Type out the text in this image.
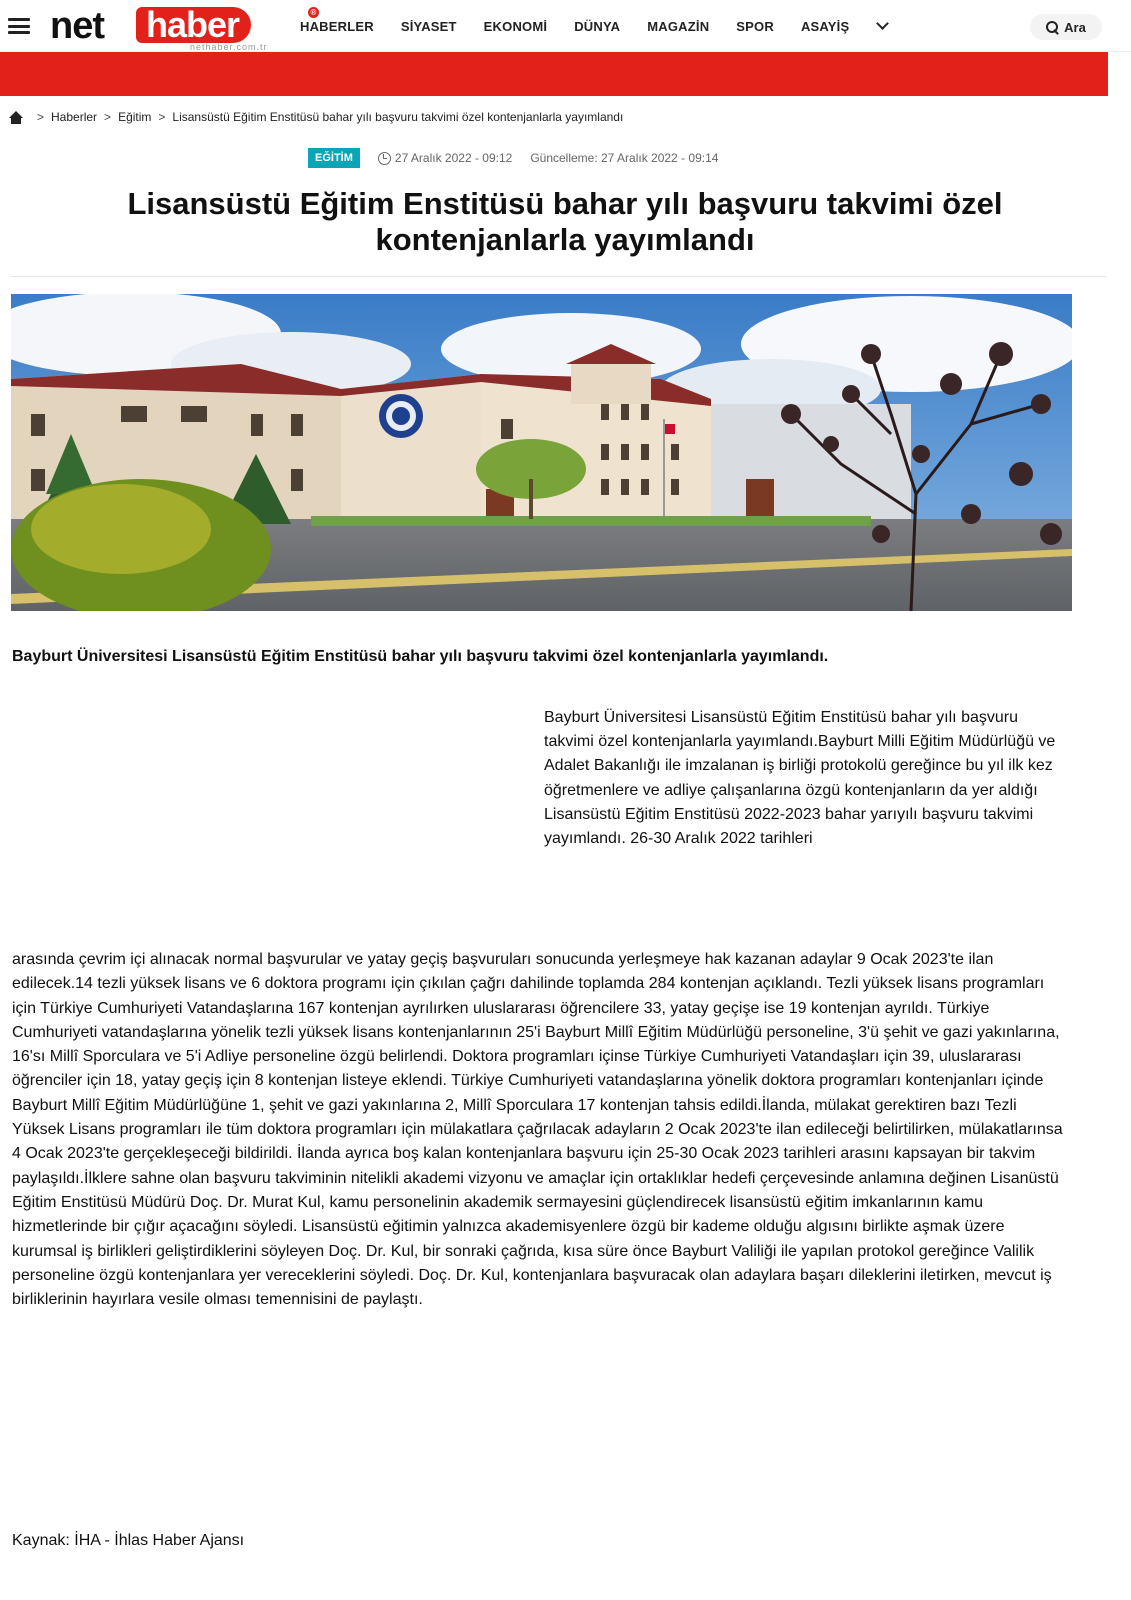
net haber	®
nethaber.com.tr
HABERLER SİYASET EKONOMİ DÜNYA MAGAZİN SPOR ASAYİŞ	Ara
> Haberler > Eğitim > Lisansüstü Eğitim Enstitüsü bahar yılı başvuru takvimi özel kontenjanlarla yayımlandı
EĞİTİM	27 Aralık 2022 - 09:12 Güncelleme: 27 Aralık 2022 - 09:14
Lisansüstü Eğitim Enstitüsü bahar yılı başvuru takvimi özel kontenjanlarla yayımlandı

Bayburt Üniversitesi Lisansüstü Eğitim Enstitüsü bahar yılı başvuru takvimi özel kontenjanlarla yayımlandı.

Bayburt Üniversitesi Lisansüstü Eğitim Enstitüsü bahar yılı başvuru takvimi özel kontenjanlarla yayımlandı.Bayburt Milli Eğitim Müdürlüğü ve Adalet Bakanlığı ile imzalanan iş birliği protokolü gereğince bu yıl ilk kez öğretmenlere ve adliye çalışanlarına özgü kontenjanların da yer aldığı Lisansüstü Eğitim Enstitüsü 2022-2023 bahar yarıyılı başvuru takvimi yayımlandı. 26-30 Aralık 2022 tarihleri

arasında çevrim içi alınacak normal başvurular ve yatay geçiş başvuruları sonucunda yerleşmeye hak kazanan adaylar 9 Ocak 2023'te ilan edilecek.14 tezli yüksek lisans ve 6 doktora programı için çıkılan çağrı dahilinde toplamda 284 kontenjan açıklandı. Tezli yüksek lisans programları için Türkiye Cumhuriyeti Vatandaşlarına 167 kontenjan ayrılırken uluslararası öğrencilere 33, yatay geçişe ise 19 kontenjan ayrıldı. Türkiye Cumhuriyeti vatandaşlarına yönelik tezli yüksek lisans kontenjanlarının 25'i Bayburt Millî Eğitim Müdürlüğü personeline, 3'ü şehit ve gazi yakınlarına, 16'sı Millî Sporculara ve 5'i Adliye personeline özgü belirlendi. Doktora programları içinse Türkiye Cumhuriyeti Vatandaşları için 39, uluslararası öğrenciler için 18, yatay geçiş için 8 kontenjan listeye eklendi. Türkiye Cumhuriyeti vatandaşlarına yönelik doktora programları kontenjanları içinde Bayburt Millî Eğitim Müdürlüğüne 1, şehit ve gazi yakınlarına 2, Millî Sporculara 17 kontenjan tahsis edildi.İlanda, mülakat gerektiren bazı Tezli Yüksek Lisans programları ile tüm doktora programları için mülakatlara çağrılacak adayların 2 Ocak 2023'te ilan edileceği belirtilirken, mülakatlarınsa 4 Ocak 2023'te gerçekleşeceği bildirildi. İlanda ayrıca boş kalan kontenjanlara başvuru için 25-30 Ocak 2023 tarihleri arasını kapsayan bir takvim paylaşıldı.İlklere sahne olan başvuru takviminin nitelikli akademi vizyonu ve amaçlar için ortaklıklar hedefi çerçevesinde anlamına değinen Lisanüstü Eğitim Enstitüsü Müdürü Doç. Dr. Murat Kul, kamu personelinin akademik sermayesini güçlendirecek lisansüstü eğitim imkanlarının kamu hizmetlerinde bir çığır açacağını söyledi. Lisansüstü eğitimin yalnızca akademisyenlere özgü bir kademe olduğu algısını birlikte aşmak üzere kurumsal iş birlikleri geliştirdiklerini söyleyen Doç. Dr. Kul, bir sonraki çağrıda, kısa süre önce Bayburt Valiliği ile yapılan protokol gereğince Valilik personeline özgü kontenjanlara yer vereceklerini söyledi. Doç. Dr. Kul, kontenjanlara başvuracak olan adaylara başarı dileklerini iletirken, mevcut iş birliklerinin hayırlara vesile olması temennisini de paylaştı.

Kaynak: İHA - İhlas Haber Ajansı
